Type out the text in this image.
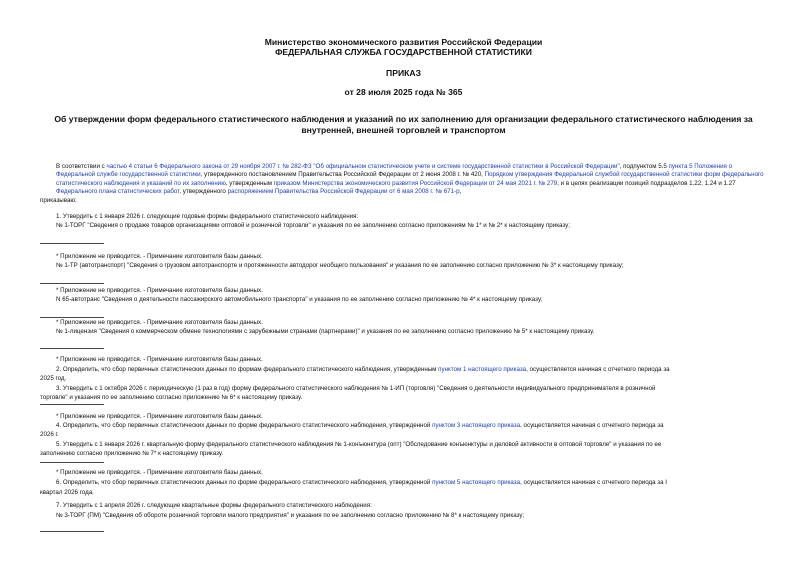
Министерство экономического развития Российской Федерации
ФЕДЕРАЛЬНАЯ СЛУЖБА ГОСУДАРСТВЕННОЙ СТАТИСТИКИ
ПРИКАЗ
от 28 июля 2025 года № 365
Об утверждении форм федерального статистического наблюдения и указаний по их заполнению для организации федерального статистического наблюдения за
внутренней, внешней торговлей и транспортом
В соответствии с частью 4 статьи 6 Федерального закона от 29 ноября 2007 г. № 282-ФЗ "Об официальном статистическом учете и системе государственной статистики в Российской Федерации", подпунктом 5.5 пункта 5 Положения о Федеральной службе государственной статистики, утвержденного постановлением Правительства Российской Федерации от 2 июня 2008 г. № 420, Порядком утверждения Федеральной службой государственной статистики форм федерального статистического наблюдения и указаний по их заполнению, утвержденным приказом Министерства экономического развития Российской Федерации от 24 мая 2021 г. № 279, и в целях реализации позиций подразделов 1.22, 1.24 и 1.27 Федерального плана статистических работ, утвержденного распоряжением Правительства Российской Федерации от 6 мая 2008 г. № 671-р,
приказываю:
1. Утвердить с 1 января 2026 г. следующие годовые формы федерального статистического наблюдения:
№ 1-ТОРГ "Сведения о продаже товаров организациями оптовой и розничной торговли" и указания по ее заполнению согласно приложениям № 1* и № 2* к настоящему приказу;
* Приложение не приводится. - Примечание изготовителя базы данных.
№ 1-ТР (автотранспорт) "Сведения о грузовом автотранспорте и протяженности автодорог необщего пользования" и указания по ее заполнению согласно приложению № 3* к настоящему приказу;
* Приложение не приводится. - Примечание изготовителя базы данных.
N 65-автотранс "Сведения о деятельности пассажирского автомобильного транспорта" и указания по ее заполнению согласно приложению № 4* к настоящему приказу;
* Приложение не приводится. - Примечание изготовителя базы данных.
№ 1-лицензия "Сведения о коммерческом обмене технологиями с зарубежными странами (партнерами)" и указания по ее заполнению согласно приложению № 5* к настоящему приказу.
* Приложение не приводится. - Примечание изготовителя базы данных.
2. Определить, что сбор первичных статистических данных по формам федерального статистического наблюдения, утвержденным пунктом 1 настоящего приказа, осуществляется начиная с отчетного периода за
2025 год.
3. Утвердить с 1 октября 2026 г. периодическую (1 раз в год) форму федерального статистического наблюдения № 1-ИП (торговля) "Сведения о деятельности индивидуального предпринимателя в розничной
торговле" и указания по ее заполнению согласно приложению № 6* к настоящему приказу.
* Приложение не приводится. - Примечание изготовителя базы данных.
4. Определить, что сбор первичных статистических данных по форме федерального статистического наблюдения, утвержденной пунктом 3 настоящего приказа, осуществляется начиная с отчетного периода за
2026 г.
5. Утвердить с 1 января 2026 г. квартальную форму федерального статистического наблюдения № 1-конъюнктура (опт) "Обследование конъюнктуры и деловой активности в оптовой торговле" и указания по ее
заполнению согласно приложению № 7* к настоящему приказу.
* Приложение не приводится. - Примечание изготовителя базы данных.
6. Определить, что сбор первичных статистических данных по форме федерального статистического наблюдения, утвержденной пунктом 5 настоящего приказа, осуществляется начиная с отчетного периода за I
квартал 2026 года.
7. Утвердить с 1 апреля 2026 г. следующие квартальные формы федерального статистического наблюдения:
№ 3-ТОРГ (ПМ) "Сведения об обороте розничной торговли малого предприятия" и указания по ее заполнению согласно приложению № 8* к настоящему приказу;
